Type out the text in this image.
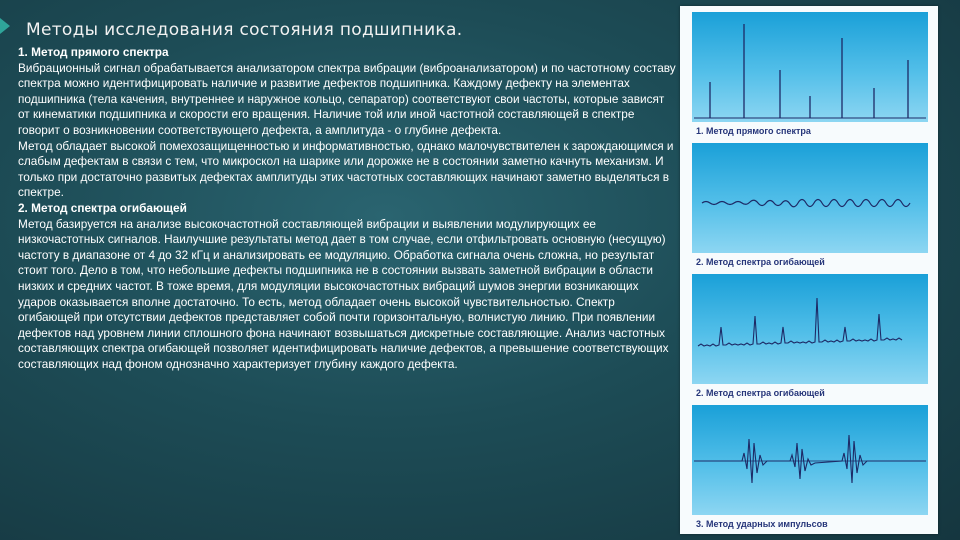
Методы исследования состояния подшипника.

1. Метод прямого спектра

Вибрационный сигнал обрабатывается анализатором спектра вибрации (виброанализатором) и по частотному составу спектра можно идентифицировать наличие и развитие дефектов подшипника. Каждому дефекту на элементах подшипника (тела качения, внутреннее и наружное кольцо, сепаратор) соответствуют свои частоты, которые зависят от кинематики подшипника и скорости его вращения. Наличие той или иной частотной составляющей в спектре говорит о возникновении соответствующего дефекта, а амплитуда - о глубине дефекта.

Метод обладает высокой помехозащищенностью и информативностью, однако малочувствителен к зарождающимся и слабым дефектам в связи с тем, что микроскол на шарике или дорожке не в состоянии заметно качнуть механизм. И только при достаточно развитых дефектах амплитуды этих частотных составляющих начинают заметно выделяться в спектре.

2. Метод спектра огибающей

Метод базируется на анализе высокочастотной составляющей вибрации и выявлении модулирующих ее низкочастотных сигналов. Наилучшие результаты метод дает в том случае, если отфильтровать основную (несущую) частоту в диапазоне от 4 до 32 кГц и анализировать ее модуляцию. Обработка сигнала очень сложна, но результат стоит того. Дело в том, что небольшие дефекты подшипника не в состоянии вызвать заметной вибрации в области низких и средних частот. В тоже время, для модуляции высокочастотных вибраций шумов энергии возникающих ударов оказывается вполне достаточно. То есть, метод обладает очень высокой чувствительностью. Спектр огибающей при отсутствии дефектов представляет собой почти горизонтальную, волнистую линию. При появлении дефектов над уровнем линии сплошного фона начинают возвышаться дискретные составляющие. Анализ частотных составляющих спектра огибающей позволяет идентифицировать наличие дефектов, а превышение соответствующих составляющих над фоном однозначно характеризует глубину каждого дефекта.

1. Метод прямого спектра
2. Метод спектра огибающей
2. Метод спектра огибающей
3. Метод ударных импульсов
